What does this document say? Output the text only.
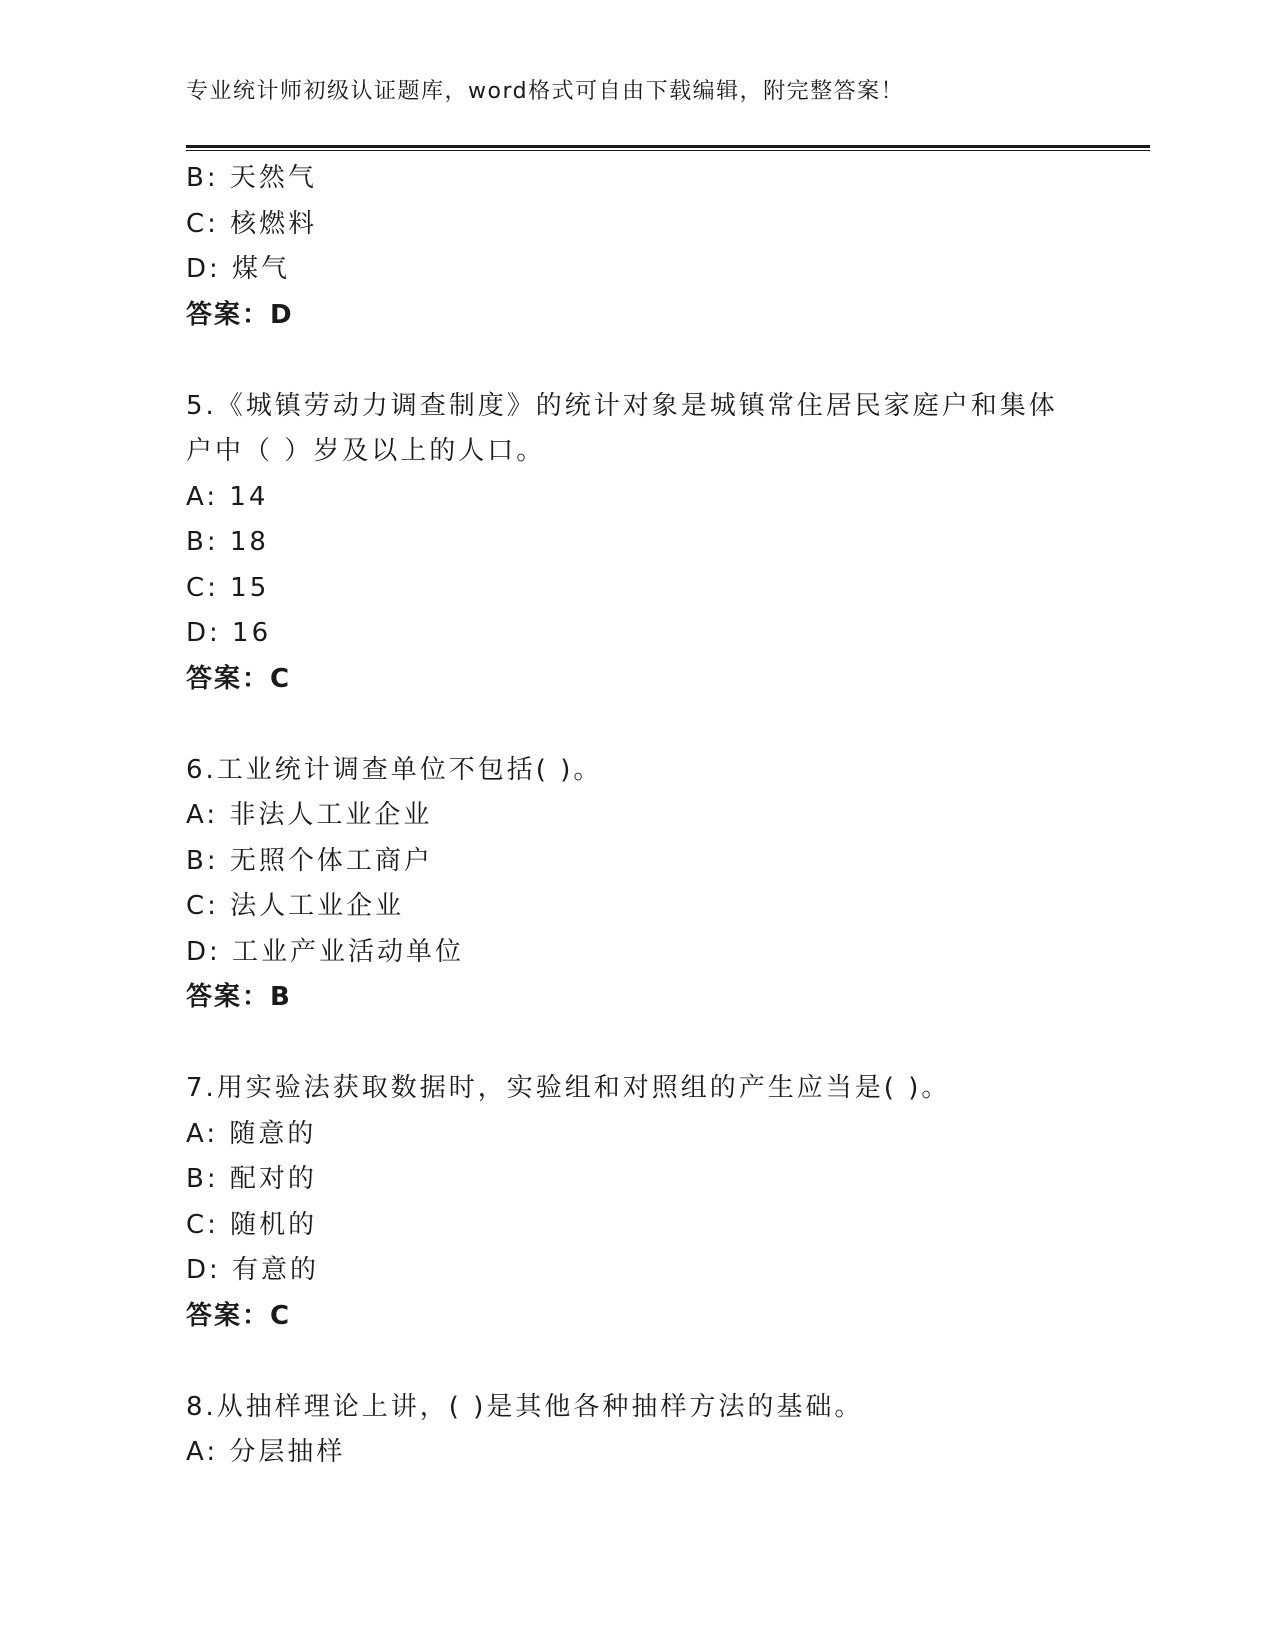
专业统计师初级认证题库，word格式可自由下载编辑，附完整答案！
B: 天然气
C: 核燃料
D: 煤气
答案：D
5.《城镇劳动力调查制度》的统计对象是城镇常住居民家庭户和集体
户中（ ）岁及以上的人口。
A: 14
B: 18
C: 15
D: 16
答案：C
6.工业统计调查单位不包括( )。
A: 非法人工业企业
B: 无照个体工商户
C: 法人工业企业
D: 工业产业活动单位
答案：B
7.用实验法获取数据时，实验组和对照组的产生应当是( )。
A: 随意的
B: 配对的
C: 随机的
D: 有意的
答案：C
8.从抽样理论上讲，( )是其他各种抽样方法的基础。
A: 分层抽样
